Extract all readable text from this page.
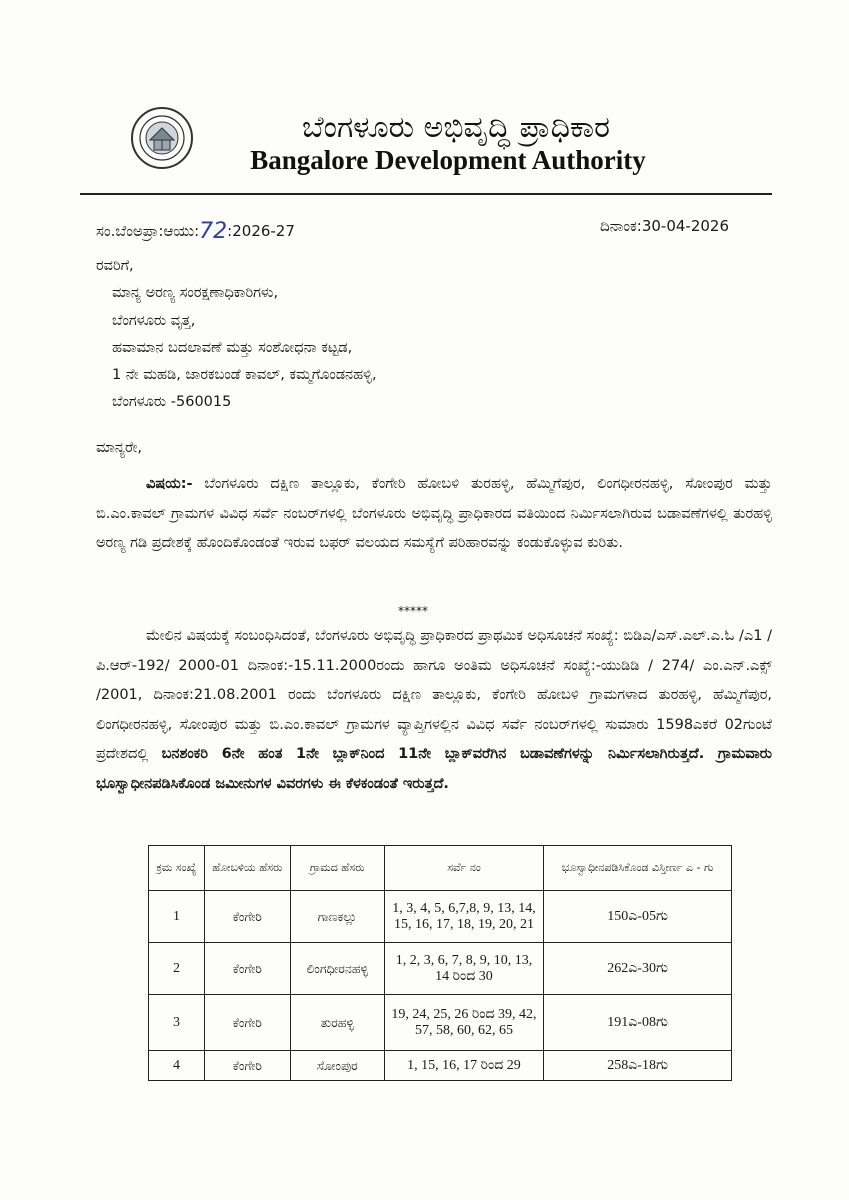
ಬೆಂಗಳೂರು ಅಭಿವೃದ್ಧಿ ಪ್ರಾಧಿಕಾರ
Bangalore Development Authority
ಸಂ.ಬೆಂಅಪ್ರಾ:ಆಯು:72:2026-27	ದಿನಾಂಕ:30-04-2026
ರವರಿಗೆ,
ಮಾನ್ಯ ಅರಣ್ಯ ಸಂರಕ್ಷಣಾಧಿಕಾರಿಗಳು,
ಬೆಂಗಳೂರು ವೃತ್ತ,
ಹವಾಮಾನ ಬದಲಾವಣೆ ಮತ್ತು ಸಂಶೋಧನಾ ಕಟ್ಟಡ,
1 ನೇ ಮಹಡಿ, ಜಾರಕಬಂಡೆ ಕಾವಲ್, ಕಮ್ಮಗೊಂಡನಹಳ್ಳಿ,
ಬೆಂಗಳೂರು -560015
ಮಾನ್ಯರೇ,
ವಿಷಯ:- ಬೆಂಗಳೂರು ದಕ್ಷಿಣ ತಾಲ್ಲೂಕು, ಕೆಂಗೇರಿ ಹೋಬಳಿ ತುರಹಳ್ಳಿ, ಹೆಮ್ಮಿಗೆಪುರ, ಲಿಂಗಧೀರನಹಳ್ಳಿ, ಸೋಂಪುರ ಮತ್ತು ಬಿ.ಎಂ.ಕಾವಲ್ ಗ್ರಾಮಗಳ ವಿವಿಧ ಸರ್ವೆ ನಂಬರ್‌ಗಳಲ್ಲಿ ಬೆಂಗಳೂರು ಅಭಿವೃದ್ಧಿ ಪ್ರಾಧಿಕಾರದ ವತಿಯಿಂದ ನಿರ್ಮಿಸಲಾಗಿರುವ ಬಡಾವಣೆಗಳಲ್ಲಿ ತುರಹಳ್ಳಿ ಅರಣ್ಯ ಗಡಿ ಪ್ರದೇಶಕ್ಕೆ ಹೊಂದಿಕೊಂಡಂತೆ ಇರುವ ಬಫರ್ ವಲಯದ ಸಮಸ್ಯೆಗೆ ಪರಿಹಾರವನ್ನು ಕಂಡುಕೊಳ್ಳುವ ಕುರಿತು.
*****
ಮೇಲಿನ ವಿಷಯಕ್ಕೆ ಸಂಬಂಧಿಸಿದಂತೆ, ಬೆಂಗಳೂರು ಅಭಿವೃದ್ಧಿ ಪ್ರಾಧಿಕಾರದ ಪ್ರಾಥಮಿಕ ಅಧಿಸೂಚನೆ ಸಂಖ್ಯೆ: ಬಿಡಿಎ/ಎಸ್.ಎಲ್.ಎ.ಓ /ಎ1 /ಪಿ.ಆರ್-192/ 2000-01 ದಿನಾಂಕ:-15.11.2000ರಂದು ಹಾಗೂ ಅಂತಿಮ ಅಧಿಸೂಚನೆ ಸಂಖ್ಯೆ:-ಯುಡಿಡಿ / 274/ ಎಂ.ಎನ್.ಎಕ್ಸ್ /2001, ದಿನಾಂಕ:21.08.2001 ರಂದು ಬೆಂಗಳೂರು ದಕ್ಷಿಣ ತಾಲ್ಲೂಕು, ಕೆಂಗೇರಿ ಹೋಬಳಿ ಗ್ರಾಮಗಳಾದ ತುರಹಳ್ಳಿ, ಹೆಮ್ಮಿಗೆಪುರ, ಲಿಂಗಧೀರನಹಳ್ಳಿ, ಸೋಂಪುರ ಮತ್ತು ಬಿ.ಎಂ.ಕಾವಲ್ ಗ್ರಾಮಗಳ ವ್ಯಾಪ್ತಿಗಳಲ್ಲಿನ ವಿವಿಧ ಸರ್ವೆ ನಂಬರ್‌ಗಳಲ್ಲಿ ಸುಮಾರು 1598ಎಕರೆ 02ಗುಂಟೆ ಪ್ರದೇಶದಲ್ಲಿ ಬನಶಂಕರಿ 6ನೇ ಹಂತ 1ನೇ ಬ್ಲಾಕ್‌ನಿಂದ 11ನೇ ಬ್ಲಾಕ್‌ವರೆಗಿನ ಬಡಾವಣೆಗಳನ್ನು ನಿರ್ಮಿಸಲಾಗಿರುತ್ತದೆ. ಗ್ರಾಮವಾರು ಭೂಸ್ವಾಧೀನಪಡಿಸಿಕೊಂಡ ಜಮೀನುಗಳ ವಿವರಗಳು ಈ ಕೆಳಕಂಡಂತೆ ಇರುತ್ತದೆ.
ಕ್ರಮ ಸಂಖ್ಯೆ	ಹೋಬಳಿಯ ಹೆಸರು	ಗ್ರಾಮದ ಹೆಸರು	ಸರ್ವೆ ನಂ	ಭೂಸ್ವಾಧೀನಪಡಿಸಿಕೊಂಡ ವಿಸ್ತೀರ್ಣ ಎ - ಗು
1	ಕೆಂಗೇರಿ	ಗಾಣಕಲ್ಲು	1, 3, 4, 5, 6,7,8, 9, 13, 14, 15, 16, 17, 18, 19, 20, 21	150ಎ-05ಗು
2	ಕೆಂಗೇರಿ	ಲಿಂಗಧೀರನಹಳ್ಳಿ	1, 2, 3, 6, 7, 8, 9, 10, 13, 14 ರಿಂದ 30	262ಎ-30ಗು
3	ಕೆಂಗೇರಿ	ತುರಹಳ್ಳಿ	19, 24, 25, 26 ರಿಂದ 39, 42, 57, 58, 60, 62, 65	191ಎ-08ಗು
4	ಕೆಂಗೇರಿ	ಸೋಂಪುರ	1, 15, 16, 17 ರಿಂದ 29	258ಎ-18ಗು
